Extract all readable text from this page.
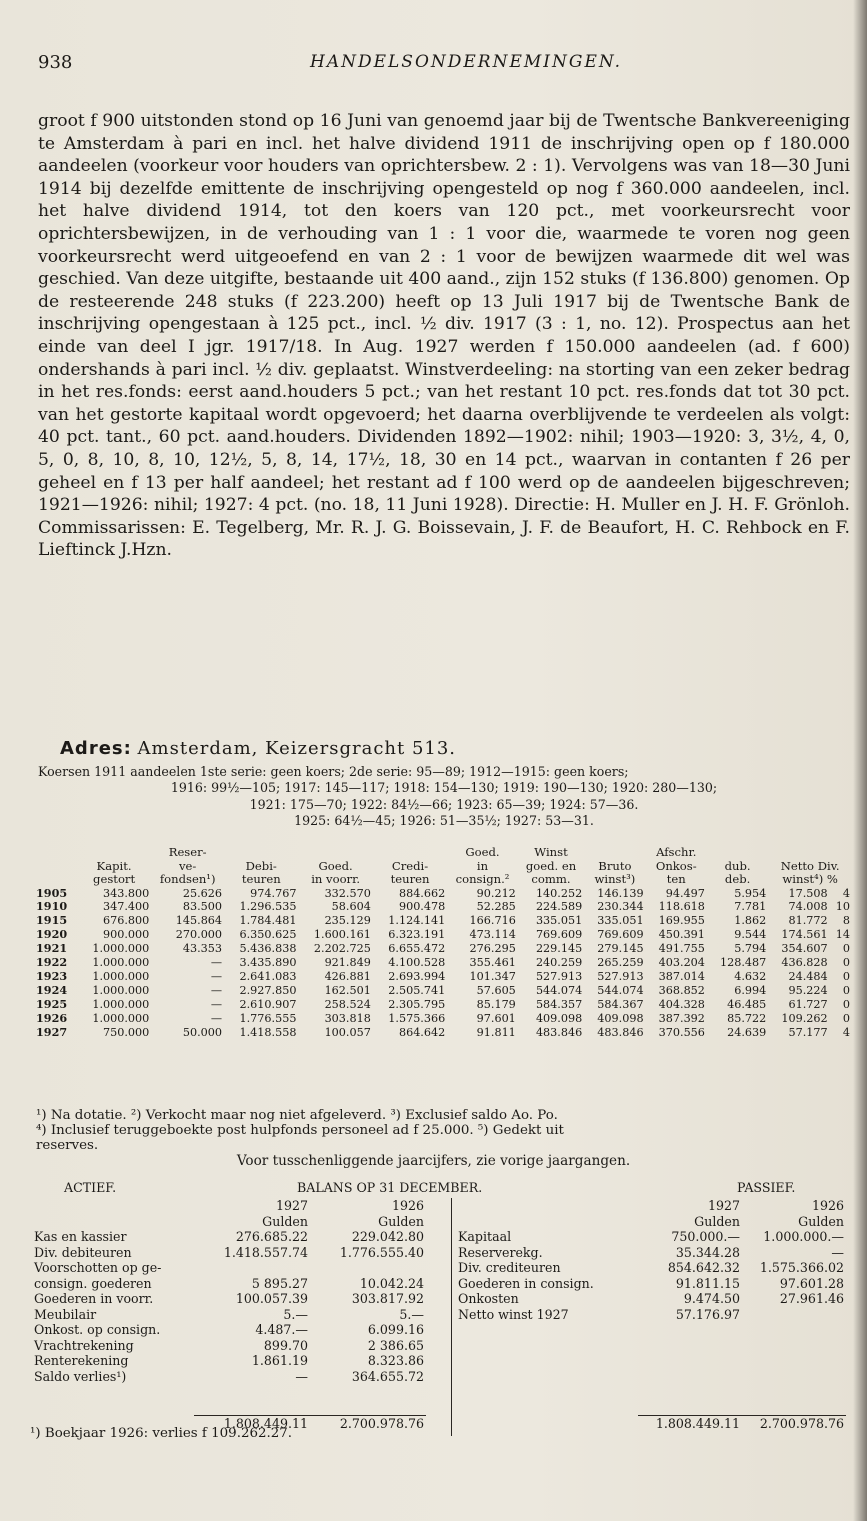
938	HANDELSONDERNEMINGEN.

groot f 900 uitstonden stond op 16 Juni van genoemd jaar bij de Twentsche Bankvereeniging te Amsterdam à pari en incl. het halve dividend 1911 de inschrijving open op f 180.000 aandeelen (voorkeur voor houders van oprichtersbew. 2 : 1). Vervolgens was van 18—30 Juni 1914 bij dezelfde emittente de inschrijving opengesteld op nog f 360.000 aandeelen, incl. het halve dividend 1914, tot den koers van 120 pct., met voorkeursrecht voor oprichtersbewijzen, in de verhouding van 1 : 1 voor die, waarmede te voren nog geen voorkeursrecht werd uitgeoefend en van 2 : 1 voor de bewijzen waarmede dit wel was geschied. Van deze uitgifte, bestaande uit 400 aand., zijn 152 stuks (f 136.800) genomen. Op de resteerende 248 stuks (f 223.200) heeft op 13 Juli 1917 bij de Twentsche Bank de inschrijving opengestaan à 125 pct., incl. ½ div. 1917 (3 : 1, no. 12). Prospectus aan het einde van deel I jgr. 1917/18. In Aug. 1927 werden f 150.000 aandeelen (ad. f 600) ondershands à pari incl. ½ div. geplaatst. Winstverdeeling: na storting van een zeker bedrag in het res.fonds: eerst aand.houders 5 pct.; van het restant 10 pct. res.fonds dat tot 30 pct. van het gestorte kapitaal wordt opgevoerd; het daarna overblijvende te verdeelen als volgt: 40 pct. tant., 60 pct. aand.houders. Dividenden 1892—1902: nihil; 1903—1920: 3, 3½, 4, 0, 5, 0, 8, 10, 8, 10, 12½, 5, 8, 14, 17½, 18, 30 en 14 pct., waarvan in contanten f 26 per geheel en f 13 per half aandeel; het restant ad f 100 werd op de aandeelen bijgeschreven; 1921—1926: nihil; 1927: 4 pct. (no. 18, 11 Juni 1928). Directie: H. Muller en J. H. F. Grönloh. Commissarissen: E. Tegelberg, Mr. R. J. G. Boissevain, J. F. de Beaufort, H. C. Rehbock en F. Lieftinck J.Hzn.

Adres: Amsterdam, Keizersgracht 513.
Koersen 1911 aandeelen 1ste serie: geen koers; 2de serie: 95—89; 1912—1915: geen koers;
1916: 99½—105; 1917: 145—117; 1918: 154—130; 1919: 190—130; 1920: 280—130;
1921: 175—70; 1922: 84½—66; 1923: 65—39; 1924: 57—36.
1925: 64½—45; 1926: 51—35½; 1927: 53—31.
		Reser-				Goed.	Winst		Afschr.			
	Kapit.	ve-	Debi-	Goed.	Credi-	in	goed. en	Bruto	Onkos-	dub.	Netto Div.	
	gestort	fondsen¹)	teuren	in voorr.	teuren	consign.²	comm.	winst³)	ten	deb.	winst⁴) %	
1905	343.800	25.626	974.767	332.570	884.662	90.212	140.252	146.139	94.497	5.954	17.508	4
1910	347.400	83.500	1.296.535	58.604	900.478	52.285	224.589	230.344	118.618	7.781	74.008	10
1915	676.800	145.864	1.784.481	235.129	1.124.141	166.716	335.051	335.051	169.955	1.862	81.772	8
1920	900.000	270.000	6.350.625	1.600.161	6.323.191	473.114	769.609	769.609	450.391	9.544	174.561	14
1921	1.000.000	43.353	5.436.838	2.202.725	6.655.472	276.295	229.145	279.145	491.755	5.794	354.607	0
1922	1.000.000	—	3.435.890	921.849	4.100.528	355.461	240.259	265.259	403.204	128.487	436.828	0
1923	1.000.000	—	2.641.083	426.881	2.693.994	101.347	527.913	527.913	387.014	4.632	24.484	0
1924	1.000.000	—	2.927.850	162.501	2.505.741	57.605	544.074	544.074	368.852	6.994	95.224	0
1925	1.000.000	—	2.610.907	258.524	2.305.795	85.179	584.357	584.367	404.328	46.485	61.727	0
1926	1.000.000	—	1.776.555	303.818	1.575.366	97.601	409.098	409.098	387.392	85.722	109.262	0
1927	750.000	50.000	1.418.558	100.057	864.642	91.811	483.846	483.846	370.556	24.639	57.177	4

¹) Na dotatie. ²) Verkocht maar nog niet afgeleverd. ³) Exclusief saldo Ao. Po.

⁴) Inclusief teruggeboekte post hulpfonds personeel ad f 25.000. ⁵) Gedekt uit

reserves.

Voor tusschenliggende jaarcijfers, zie vorige jaargangen.
ACTIEF.	BALANS OP 31 DECEMBER.	PASSIEF.
	1927	1926
	Gulden	Gulden
Kas en kassier	276.685.22	229.042.80
Div. debiteuren	1.418.557.74	1.776.555.40
Voorschotten op ge-		
consign. goederen	5 895.27	10.042.24
Goederen in voorr.	100.057.39	303.817.92
Meubilair	5.—	5.—
Onkost. op consign.	4.487.—	6.099.16
Vrachtrekening	899.70	2 386.65
Renterekening	1.861.19	8.323.86
Saldo verlies¹)	—	364.655.72

	1.808.449.11	2.700.978.76
	1927	1926
	Gulden	Gulden
Kapitaal	750.000.—	1.000.000.—
Reserverekg.	35.344.28	—
Div. crediteuren	854.642.32	1.575.366.02
Goederen in consign.	91.811.15	97.601.28
Onkosten	9.474.50	27.961.46
Netto winst 1927	57.176.97	

	1.808.449.11	2.700.978.76
¹) Boekjaar 1926: verlies f 109.262.27.
